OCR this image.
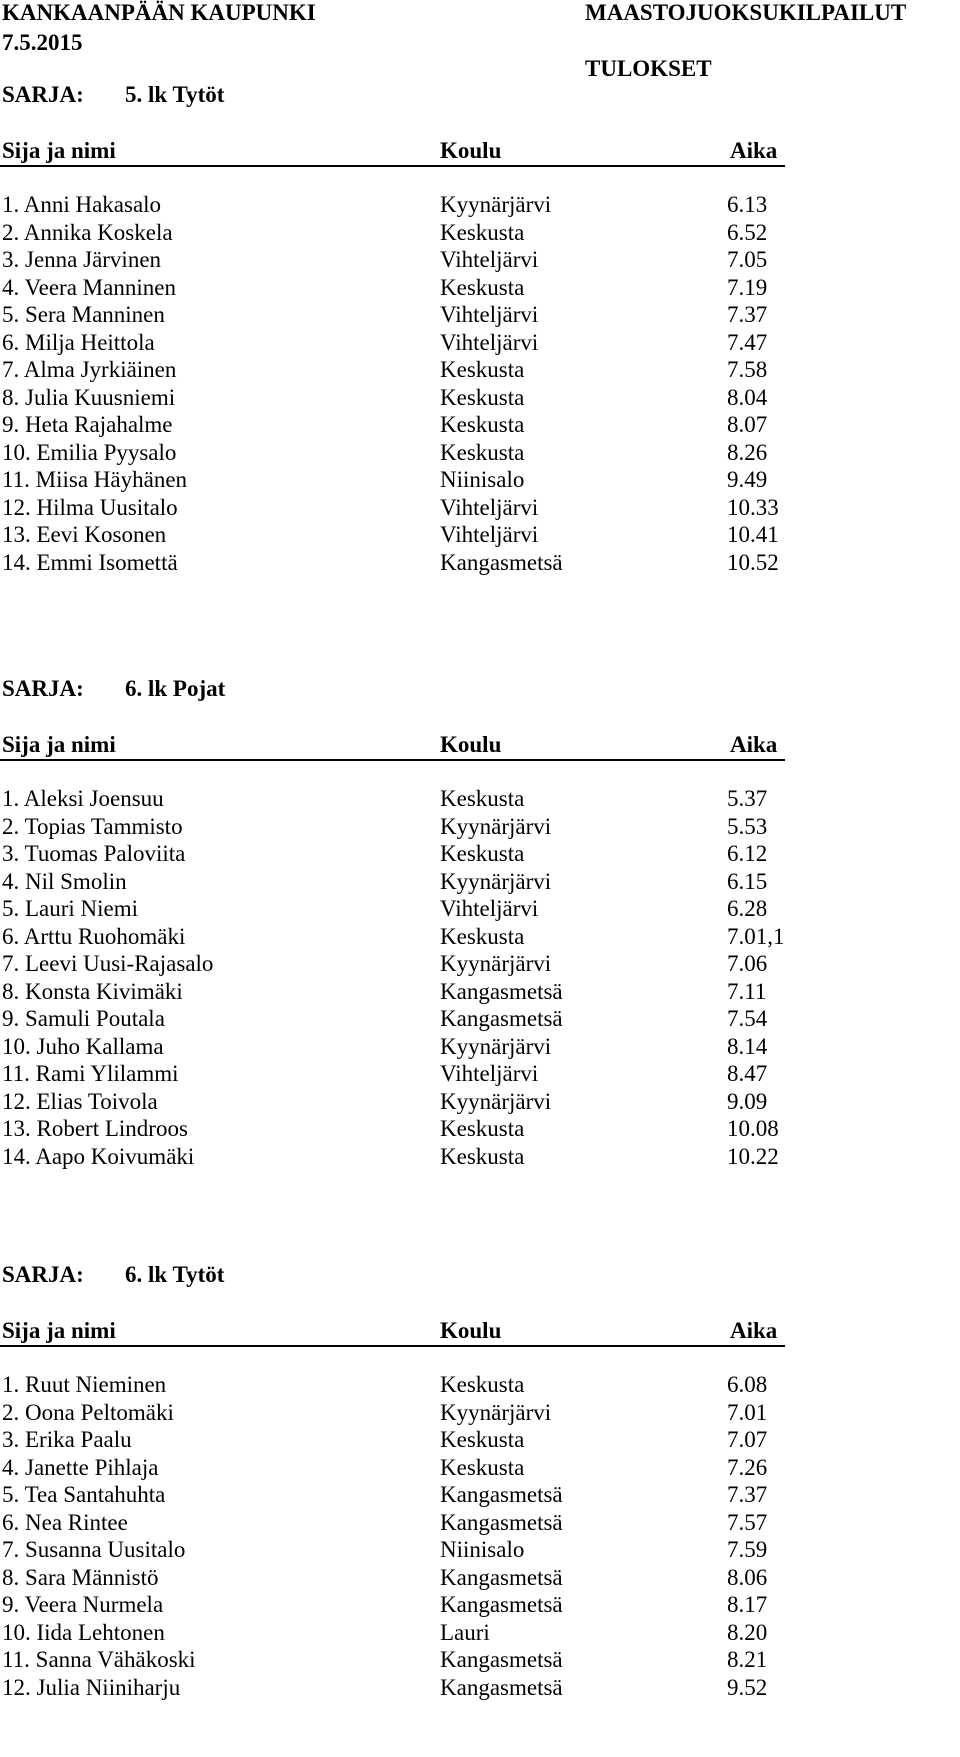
KANKAANPÄÄN KAUPUNKI	MAASTOJUOKSUKILPAILUT
7.5.2015
TULOKSET
SARJA: 5. lk Tytöt
Sija ja nimi	Koulu	Aika
1. Anni Hakasalo	Kyynärjärvi	6.13
2. Annika Koskela	Keskusta	6.52
3. Jenna Järvinen	Vihteljärvi	7.05
4. Veera Manninen	Keskusta	7.19
5. Sera Manninen	Vihteljärvi	7.37
6. Milja Heittola	Vihteljärvi	7.47
7. Alma Jyrkiäinen	Keskusta	7.58
8. Julia Kuusniemi	Keskusta	8.04
9. Heta Rajahalme	Keskusta	8.07
10. Emilia Pyysalo	Keskusta	8.26
11. Miisa Häyhänen	Niinisalo	9.49
12. Hilma Uusitalo	Vihteljärvi	10.33
13. Eevi Kosonen	Vihteljärvi	10.41
14. Emmi Isomettä	Kangasmetsä	10.52
SARJA: 6. lk Pojat
Sija ja nimi	Koulu	Aika
1. Aleksi Joensuu	Keskusta	5.37
2. Topias Tammisto	Kyynärjärvi	5.53
3. Tuomas Paloviita	Keskusta	6.12
4. Nil Smolin	Kyynärjärvi	6.15
5. Lauri Niemi	Vihteljärvi	6.28
6. Arttu Ruohomäki	Keskusta	7.01,1
7. Leevi Uusi-Rajasalo	Kyynärjärvi	7.06
8. Konsta Kivimäki	Kangasmetsä	7.11
9. Samuli Poutala	Kangasmetsä	7.54
10. Juho Kallama	Kyynärjärvi	8.14
11. Rami Ylilammi	Vihteljärvi	8.47
12. Elias Toivola	Kyynärjärvi	9.09
13. Robert Lindroos	Keskusta	10.08
14. Aapo Koivumäki	Keskusta	10.22
SARJA: 6. lk Tytöt
Sija ja nimi	Koulu	Aika
1. Ruut Nieminen	Keskusta	6.08
2. Oona Peltomäki	Kyynärjärvi	7.01
3. Erika Paalu	Keskusta	7.07
4. Janette Pihlaja	Keskusta	7.26
5. Tea Santahuhta	Kangasmetsä	7.37
6. Nea Rintee	Kangasmetsä	7.57
7. Susanna Uusitalo	Niinisalo	7.59
8. Sara Männistö	Kangasmetsä	8.06
9. Veera Nurmela	Kangasmetsä	8.17
10. Iida Lehtonen	Lauri	8.20
11. Sanna Vähäkoski	Kangasmetsä	8.21
12. Julia Niiniharju	Kangasmetsä	9.52
